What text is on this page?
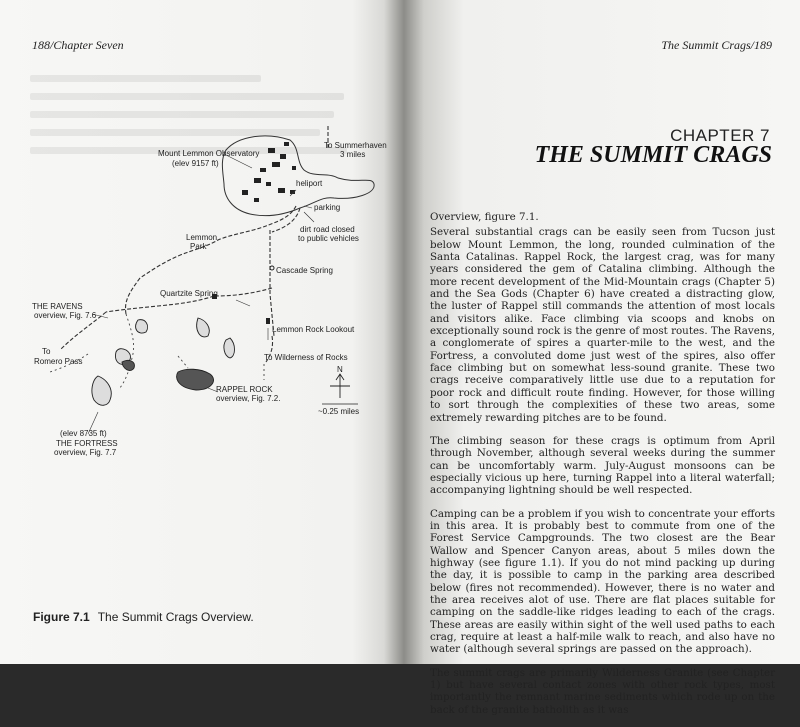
188/Chapter Seven
Mount Lemmon Observatory
(elev 9157 ft)
To Summerhaven
3 miles
heliport
parking
dirt road closed
to public vehicles
Lemmon
Park
Cascade Spring
Quartzite Spring
THE RAVENS
overview, Fig. 7.6
Lemmon Rock Lookout
To
Romero Pass	To Wilderness of Rocks
N
~0.25 miles
RAPPEL ROCK
overview, Fig. 7.2.
(elev 8735 ft)
THE FORTRESS
overview, Fig. 7.7
Figure 7.1 The Summit Crags Overview.
The Summit Crags/189
CHAPTER 7
THE SUMMIT CRAGS

Overview, figure 7.1.

Several substantial crags can be easily seen from Tucson just below Mount Lemmon, the long, rounded culmination of the Santa Catalinas. Rappel Rock, the largest crag, was for many years considered the gem of Catalina climbing. Although the more recent development of the Mid-Mountain crags (Chapter 5) and the Sea Gods (Chapter 6) have created a distracting glow, the luster of Rappel still commands the attention of most locals and visitors alike. Face climbing via scoops and knobs on exceptionally sound rock is the genre of most routes. The Ravens, a conglomerate of spires a quarter-mile to the west, and the Fortress, a convoluted dome just west of the spires, also offer face climbing but on somewhat less-sound granite. These two crags receive comparatively little use due to a reputation for poor rock and difficult route finding. However, for those willing to sort through the complexities of these two areas, some extremely rewarding pitches are to be found.

The climbing season for these crags is optimum from April through November, although several weeks during the summer can be uncomfortably warm. July-August monsoons can be especially vicious up here, turning Rappel into a literal waterfall; accompanying lightning should be well respected.

Camping can be a problem if you wish to concentrate your efforts in this area. It is probably best to commute from one of the Forest Service Campgrounds. The two closest are the Bear Wallow and Spencer Canyon areas, about 5 miles down the highway (see figure 1.1). If you do not mind packing up during the day, it is possible to camp in the parking area described below (fires not recommended). However, there is no water and the area receives alot of use. There are flat places suitable for camping on the saddle-like ridges leading to each of the crags. These areas are easily within sight of the well used paths to each crag, require at least a half-mile walk to reach, and also have no water (although several springs are passed on the approach).

The summit crags are primarily Wilderness Granite (see Chapter 1) but have several contact zones with other rock types, most importantly the remnant marine sediments which rode up on the back of the granite batholith as it was
